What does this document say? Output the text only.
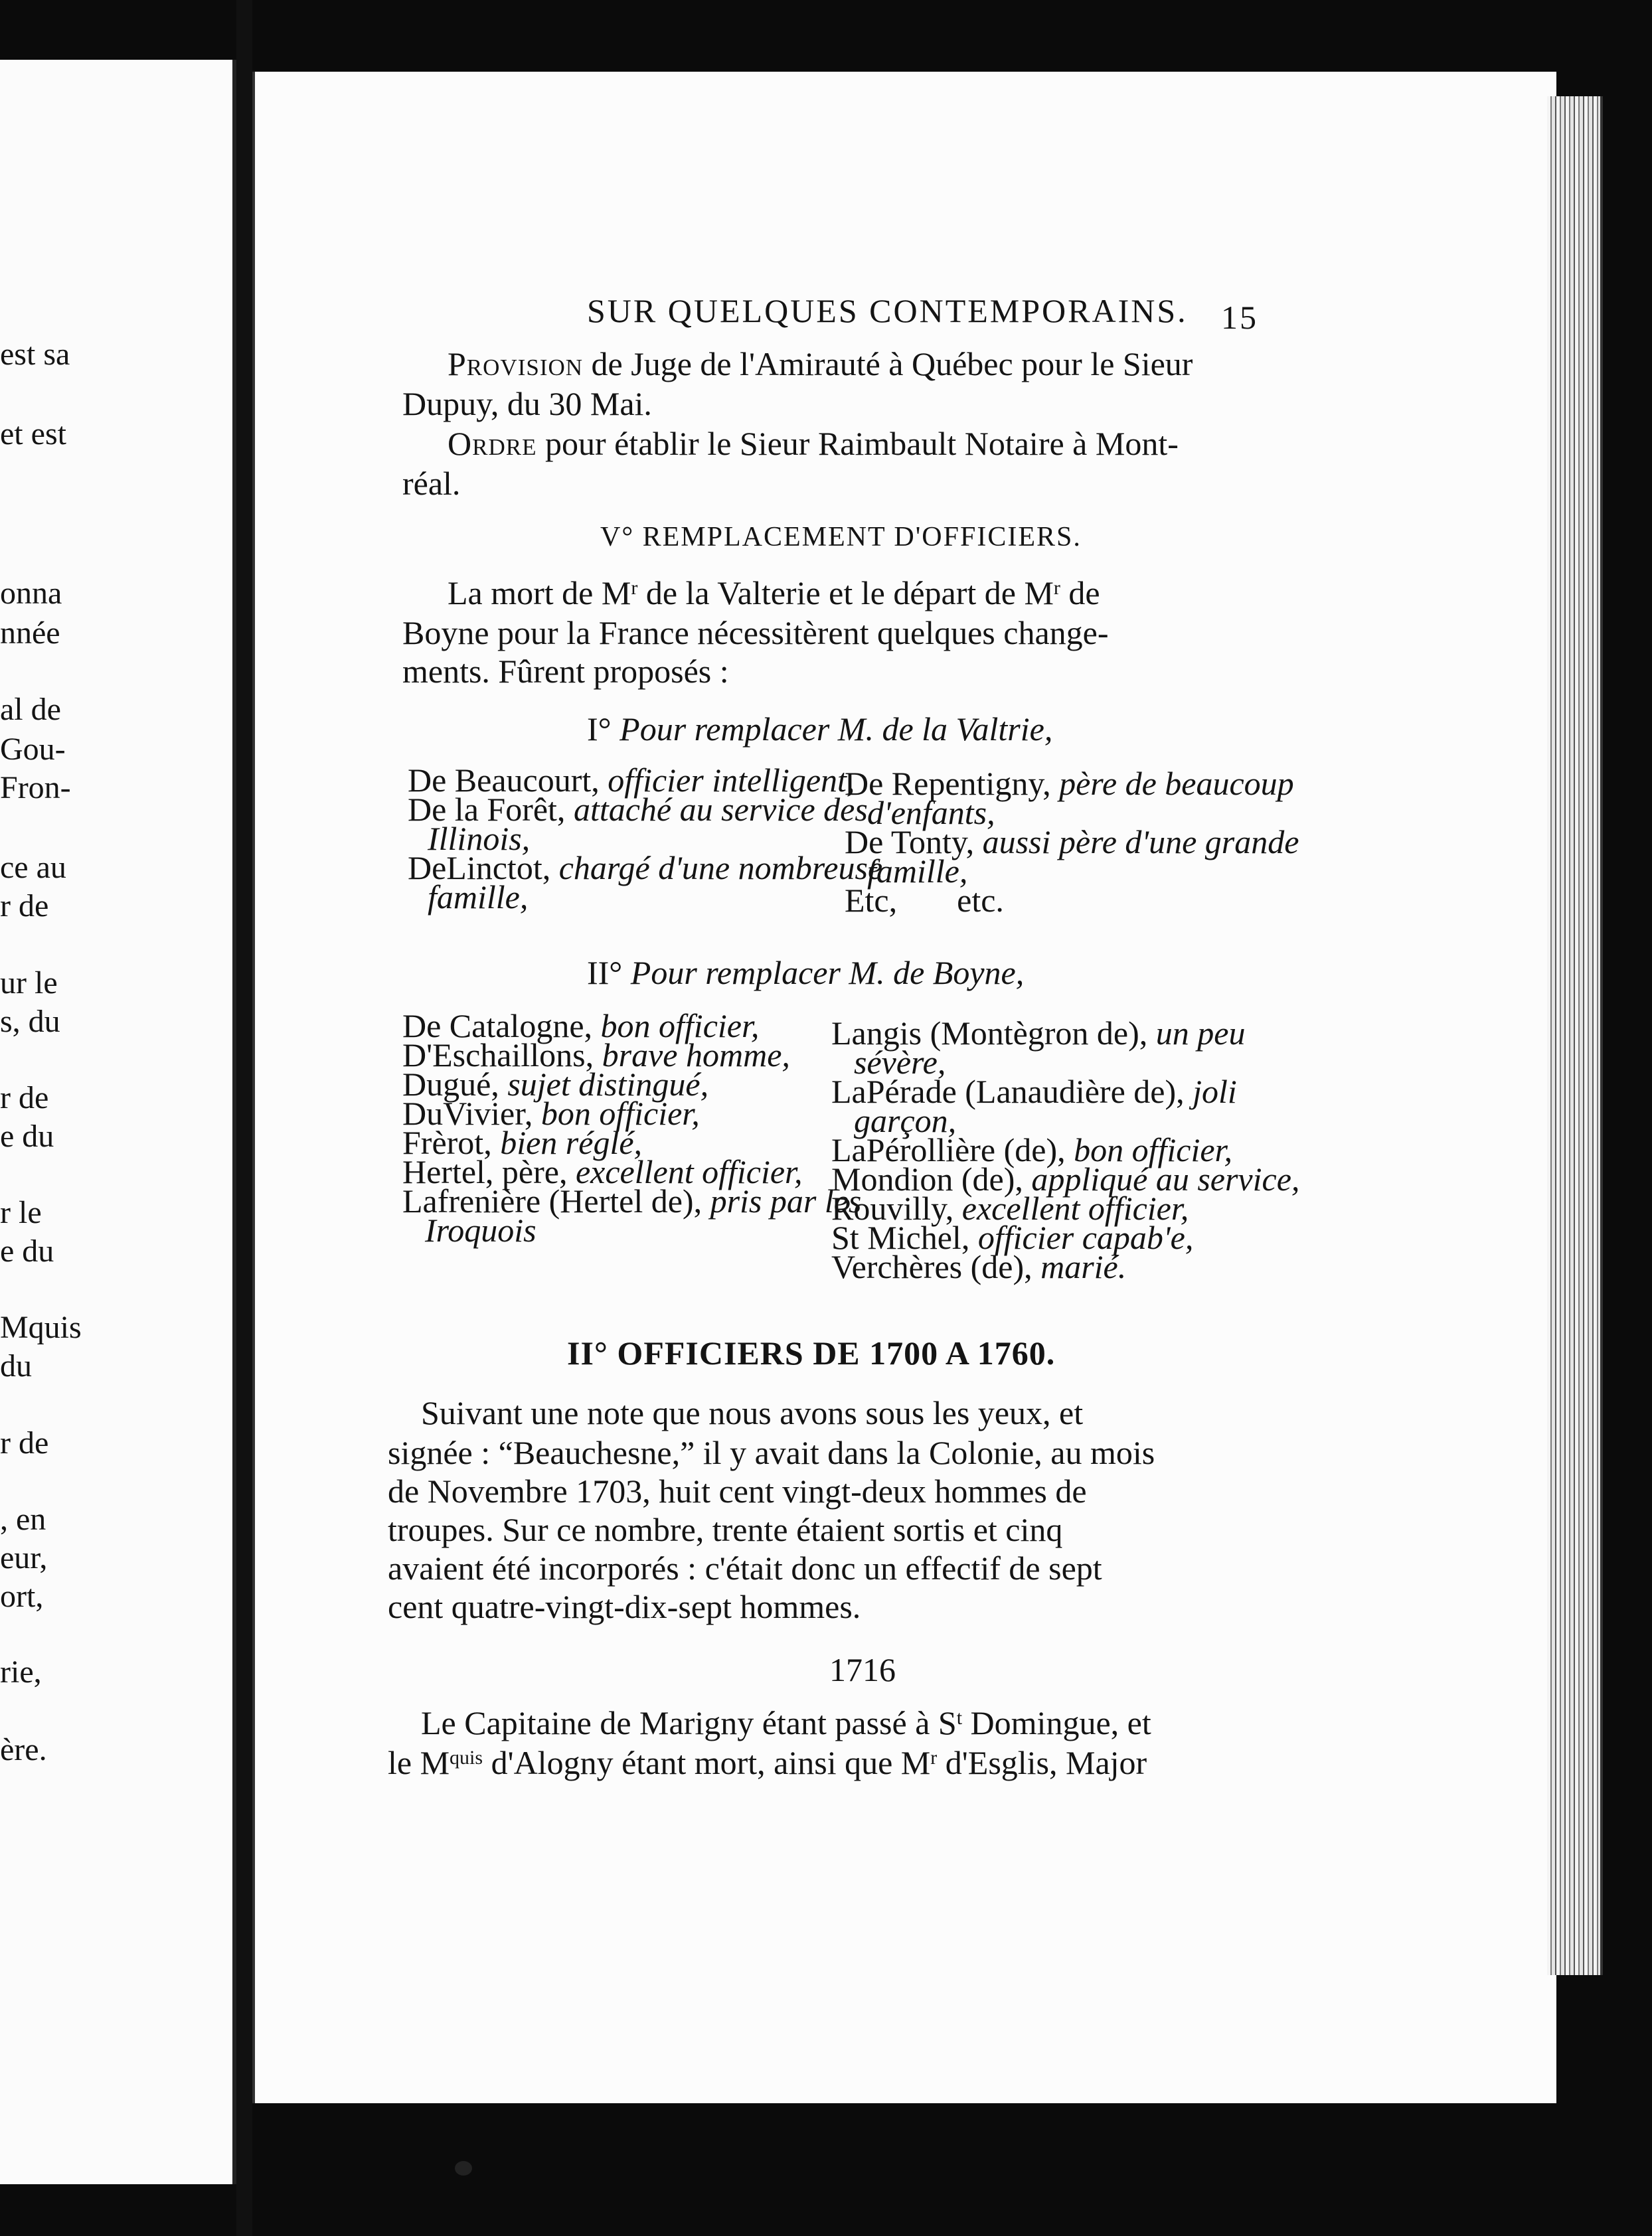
est sa
et est
onna
nnée
al de
Gou-
Fron-
ce au
r de
ur le
s, du
r de
e du
r le
e du
Mquis
du
r de
, en
eur,
ort,
rie,
ère.
SUR QUELQUES CONTEMPORAINS. 15
Provision de Juge de l'Amirauté à Québec pour le Sieur
Dupuy, du 30 Mai.
Ordre pour établir le Sieur Raimbault Notaire à Mont-
réal.
V° REMPLACEMENT D'OFFICIERS.
La mort de $M^r$ de la Valterie et le départ de $M^r$ de
Boyne pour la France nécessitèrent quelques change-
ments. Fûrent proposés :
I° Pour remplacer M. de la Valtrie,
De Beaucourt, officier intelligent,
De la Forêt, attaché au service des
Illinois,
DeLinctot, chargé d'une nombreuse
famille,
De Repentigny, père de beaucoup
d'enfants,
De Tonty, aussi père d'une grande
famille,
Etc, etc.
II° Pour remplacer M. de Boyne,
De Catalogne, bon officier,
D'Eschaillons, brave homme,
Dugué, sujet distingué,
DuVivier, bon officier,
Frèrot, bien réglé,
Hertel, père, excellent officier,
Lafrenière (Hertel de), pris par les
Iroquois
Langis (Montègron de), un peu
sévère,
LaPérade (Lanaudière de), joli
garçon,
LaPérollière (de), bon officier,
Mondion (de), appliqué au service,
Rouvilly, excellent officier,
St Michel, officier capab'e,
Verchères (de), marié.
II° OFFICIERS DE 1700 A 1760.
Suivant une note que nous avons sous les yeux, et
signée : “Beauchesne,” il y avait dans la Colonie, au mois
de Novembre 1703, huit cent vingt-deux hommes de
troupes. Sur ce nombre, trente étaient sortis et cinq
avaient été incorporés : c'était donc un effectif de sept
cent quatre-vingt-dix-sept hommes.
1716
Le Capitaine de Marigny étant passé à $S^t$ Domingue, et
le $M^{quis}$ d'Alogny étant mort, ainsi que $M^r$ d'Esglis, Major
